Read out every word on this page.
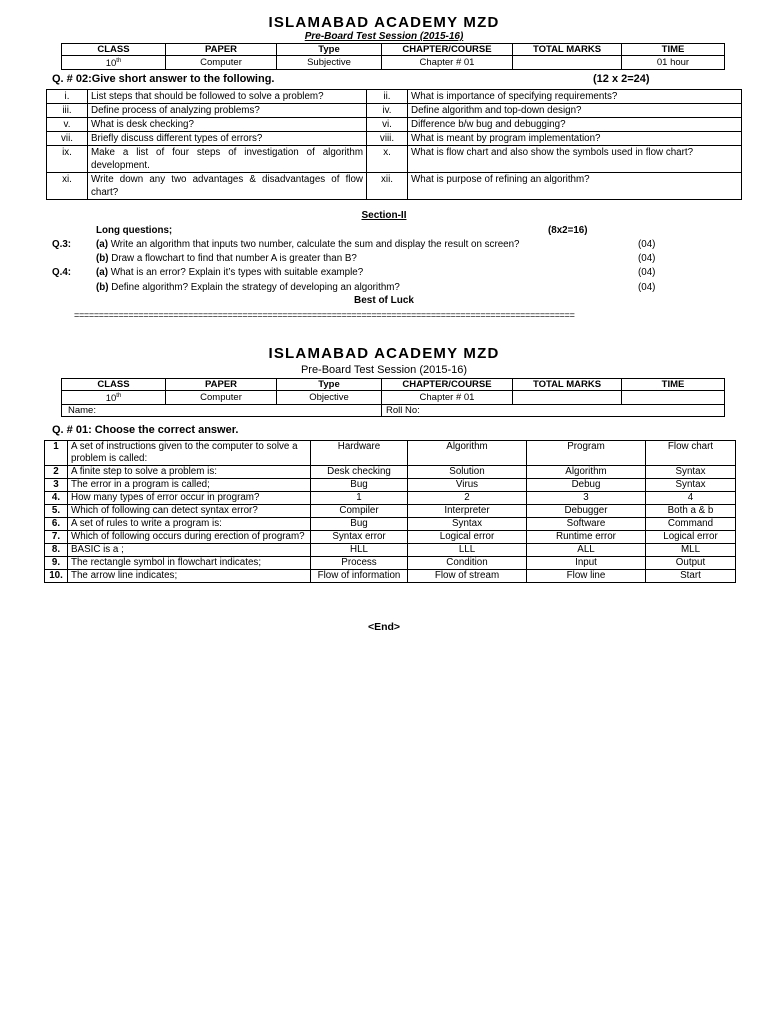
ISLAMABAD ACADEMY MZD
Pre-Board Test Session (2015-16)
CLASS	PAPER	Type	CHAPTER/COURSE	TOTAL MARKS	TIME
10th	Computer	Subjective	Chapter # 01		01 hour
Q. # 02:Give short answer to the following.	(12 x 2=24)
i.	List steps that should be followed to solve a problem?	ii.	What is importance of specifying requirements?
iii.	Define process of analyzing problems?	iv.	Define algorithm and top-down design?
v.	What is desk checking?	vi.	Difference b/w bug and debugging?
vii.	Briefly discuss different types of errors?	viii.	What is meant by program implementation?
ix.	Make a list of four steps of investigation of algorithm development.	x.	What is flow chart and also show the symbols used in flow chart?
xi.	Write down any two advantages & disadvantages of flow chart?	xii.	What is purpose of refining an algorithm?
Section-II
Long questions;	(8x2=16)
Q.3:	(a) Write an algorithm that inputs two number, calculate the sum and display the result on screen?	(04)
(b) Draw a flowchart to find that number A is greater than B?	(04)
Q.4:	(a) What is an error? Explain it’s types with suitable example?	(04)
(b) Define algorithm? Explain the strategy of developing an algorithm?	(04)
Best of Luck
=====================================================================================================
ISLAMABAD ACADEMY MZD
Pre-Board Test Session (2015-16)
CLASS	PAPER	Type	CHAPTER/COURSE	TOTAL MARKS	TIME
10th	Computer	Objective	Chapter # 01		
Name:			Roll No:		
Q. # 01: Choose the correct answer.
1	A set of instructions given to the computer to solve a problem is called:	Hardware	Algorithm	Program	Flow chart
2	A finite step to solve a problem is:	Desk checking	Solution	Algorithm	Syntax
3	The error in a program is called;	Bug	Virus	Debug	Syntax
4.	How many types of error occur in program?	1	2	3	4
5.	Which of following can detect syntax error?	Compiler	Interpreter	Debugger	Both a & b
6.	A set of rules to write a program is:	Bug	Syntax	Software	Command
7.	Which of following occurs during erection of program?	Syntax error	Logical error	Runtime error	Logical error
8.	BASIC is a ;	HLL	LLL	ALL	MLL
9.	The rectangle symbol in flowchart indicates;	Process	Condition	Input	Output
10.	The arrow line indicates;	Flow of information	Flow of stream	Flow line	Start
<End>
